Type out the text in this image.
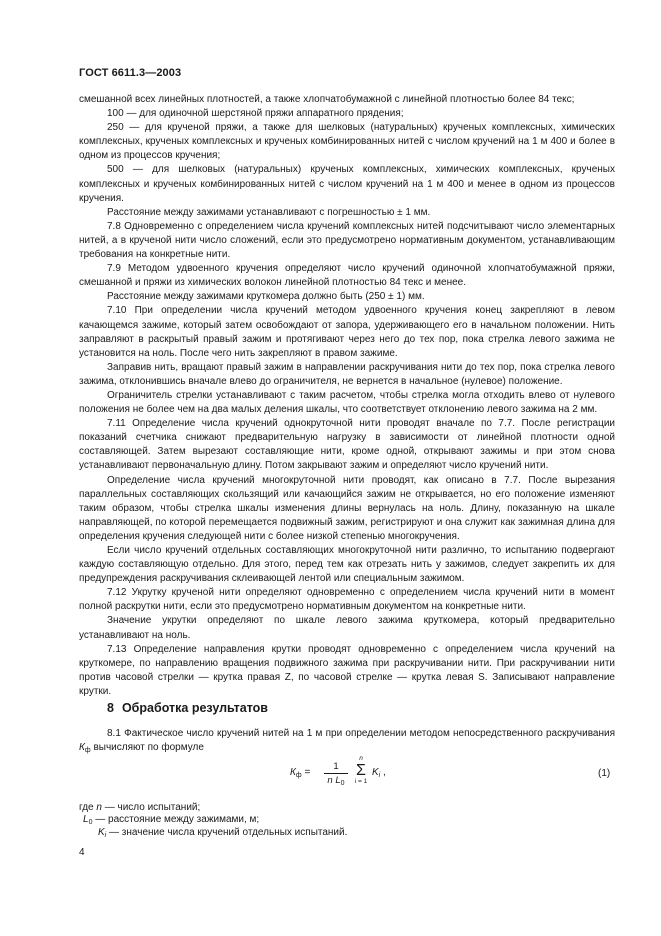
ГОСТ 6611.3—2003

смешанной всех линейных плотностей, а также хлопчатобумажной с линейной плотностью более 84 текс;

100 — для одиночной шерстяной пряжи аппаратного прядения;

250 — для крученой пряжи, а также для шелковых (натуральных) крученых комплексных, химических комплексных, крученых комплексных и крученых комбинированных нитей с числом кручений на 1 м 400 и более в одном из процессов кручения;

500 — для шелковых (натуральных) крученых комплексных, химических комплексных, крученых комплексных и крученых комбинированных нитей с числом кручений на 1 м 400 и менее в одном из процессов кручения.

Расстояние между зажимами устанавливают с погрешностью ± 1 мм.

7.8 Одновременно с определением числа кручений комплексных нитей подсчитывают число элементарных нитей, а в крученой нити число сложений, если это предусмотрено нормативным документом, устанавливающим требования на конкретные нити.

7.9 Методом удвоенного кручения определяют число кручений одиночной хлопчатобумажной пряжи, смешанной и пряжи из химических волокон линейной плотностью 84 текс и менее.

Расстояние между зажимами круткомера должно быть (250 ± 1) мм.

7.10 При определении числа кручений методом удвоенного кручения конец закрепляют в левом качающемся зажиме, который затем освобождают от запора, удерживающего его в начальном положении. Нить заправляют в раскрытый правый зажим и протягивают через него до тех пор, пока стрелка левого зажима не установится на ноль. После чего нить закрепляют в правом зажиме.

Заправив нить, вращают правый зажим в направлении раскручивания нити до тех пор, пока стрелка левого зажима, отклонившись вначале влево до ограничителя, не вернется в начальное (нулевое) положение.

Ограничитель стрелки устанавливают с таким расчетом, чтобы стрелка могла отходить влево от нулевого положения не более чем на два малых деления шкалы, что соответствует отклонению левого зажима на 2 мм.

7.11 Определение числа кручений однокруточной нити проводят вначале по 7.7. После регистрации показаний счетчика снижают предварительную нагрузку в зависимости от линейной плотности одной составляющей. Затем вырезают составляющие нити, кроме одной, открывают зажимы и при этом снова устанавливают первоначальную длину. Потом закрывают зажим и определяют число кручений нити.

Определение числа кручений многокруточной нити проводят, как описано в 7.7. После вырезания параллельных составляющих скользящий или качающийся зажим не открывается, но его положение изменяют таким образом, чтобы стрелка шкалы изменения длины вернулась на ноль. Длину, показанную на шкале направляющей, по которой перемещается подвижный зажим, регистрируют и она служит как зажимная длина для определения кручения следующей нити с более низкой степенью многокручения.

Если число кручений отдельных составляющих многокруточной нити различно, то испытанию подвергают каждую составляющую отдельно. Для этого, перед тем как отрезать нить у зажимов, следует закрепить их для предупреждения раскручивания склеивающей лентой или специальным зажимом.

7.12 Укрутку крученой нити определяют одновременно с определением числа кручений нити в момент полной раскрутки нити, если это предусмотрено нормативным документом на конкретные нити.

Значение укрутки определяют по шкале левого зажима круткомера, который предварительно устанавливают на ноль.

7.13 Определение направления крутки проводят одновременно с определением числа кручений на круткомере, по направлению вращения подвижного зажима при раскручивании нити. При раскручивании нити против часовой стрелки — крутка правая Z, по часовой стрелке — крутка левая S. Записывают направление крутки.

8 Обработка результатов

8.1 Фактическое число кручений нитей на 1 м при определении методом непосредственного раскручивания $К_ф$ вычисляют по формуле

$К_ф$ =
1
n $L_0$
n
Σ
i = 1
$K_i$ ,	(1)

где n — число испытаний;

$L_0$ — расстояние между зажимами, м;

$K_i$ — значение числа кручений отдельных испытаний.

4
